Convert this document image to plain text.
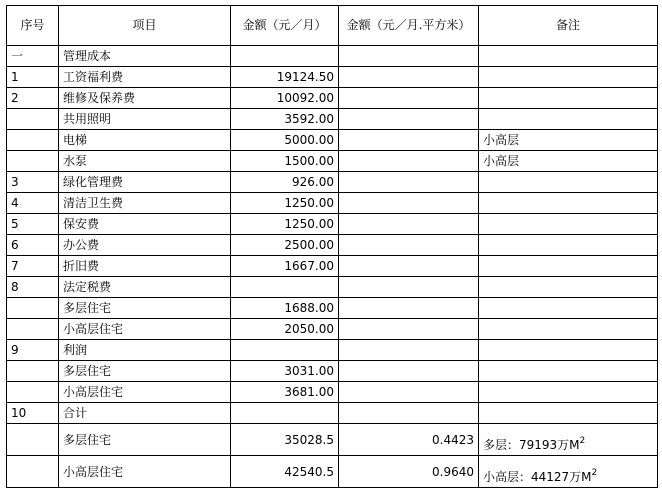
序号	项目	金额（元／月）	金额（元／月.平方米）	备注
一	管理成本			
1	工资福利费	19124.50		
2	维修及保养费	10092.00		
	共用照明	3592.00		
	电梯	5000.00		小高层
	水泵	1500.00		小高层
3	绿化管理费	926.00		
4	清洁卫生费	1250.00		
5	保安费	1250.00		
6	办公费	2500.00		
7	折旧费	1667.00		
8	法定税费			
	多层住宅	1688.00		
	小高层住宅	2050.00		
9	利润			
	多层住宅	3031.00		
	小高层住宅	3681.00		
10	合计			
	多层住宅	35028.5	0.4423	多层：79193万$M^2$
	小高层住宅	42540.5	0.9640	小高层：44127万$M^2$
